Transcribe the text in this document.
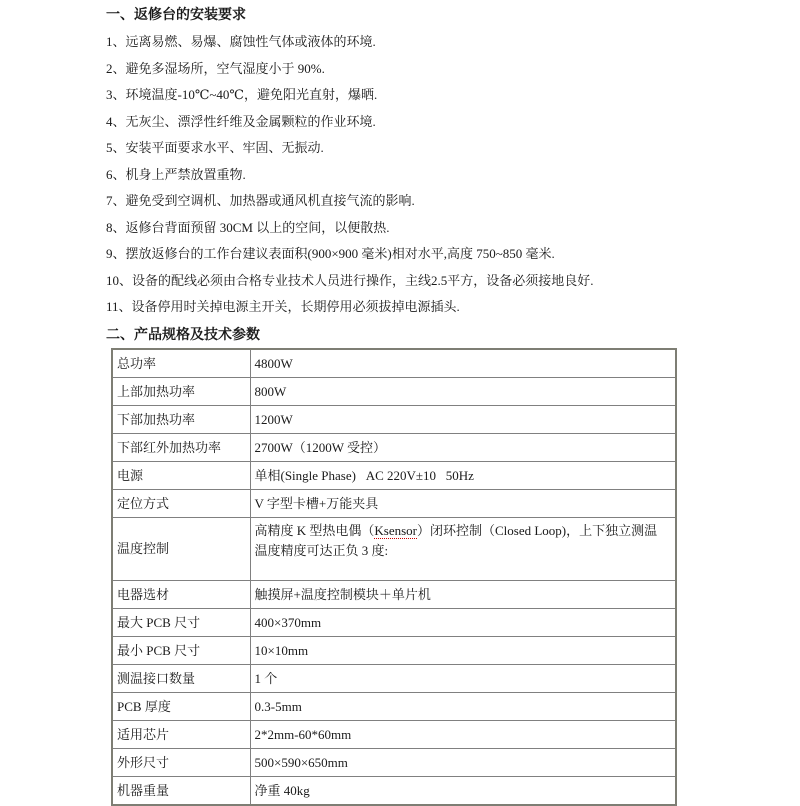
一、返修台的安装要求

1、远离易燃、易爆、腐蚀性气体或液体的环境.

2、避免多湿场所，空气湿度小于 90%.

3、环境温度-10℃~40℃，避免阳光直射，爆晒.

4、无灰尘、漂浮性纤维及金属颗粒的作业环境.

5、安装平面要求水平、牢固、无振动.

6、机身上严禁放置重物.

7、避免受到空调机、加热器或通风机直接气流的影响.

8、返修台背面预留 30CM 以上的空间，以便散热.

9、摆放返修台的工作台建议表面积(900×900 毫米)相对水平,高度 750~850 毫米.

10、设备的配线必须由合格专业技术人员进行操作，主线2.5平方，设备必须接地良好.

11、设备停用时关掉电源主开关，长期停用必须拔掉电源插头.

二、产品规格及技术参数

总功率	4800W
上部加热功率	800W
下部加热功率	1200W
下部红外加热功率	2700W（1200W 受控）
电源	单相(Single Phase)   AC 220V±10   50Hz
定位方式	V 字型卡槽+万能夹具
温度控制	高精度 K 型热电偶（Ksensor）闭环控制（Closed Loop)，上下独立测温　温度精度可达正负 3 度:
电器选材	触摸屏+温度控制模块＋单片机
最大 PCB 尺寸	400×370mm
最小 PCB 尺寸	10×10mm
测温接口数量	1 个
PCB 厚度	0.3-5mm
适用芯片	2*2mm-60*60mm
外形尺寸	500×590×650mm
机器重量	净重 40kg
